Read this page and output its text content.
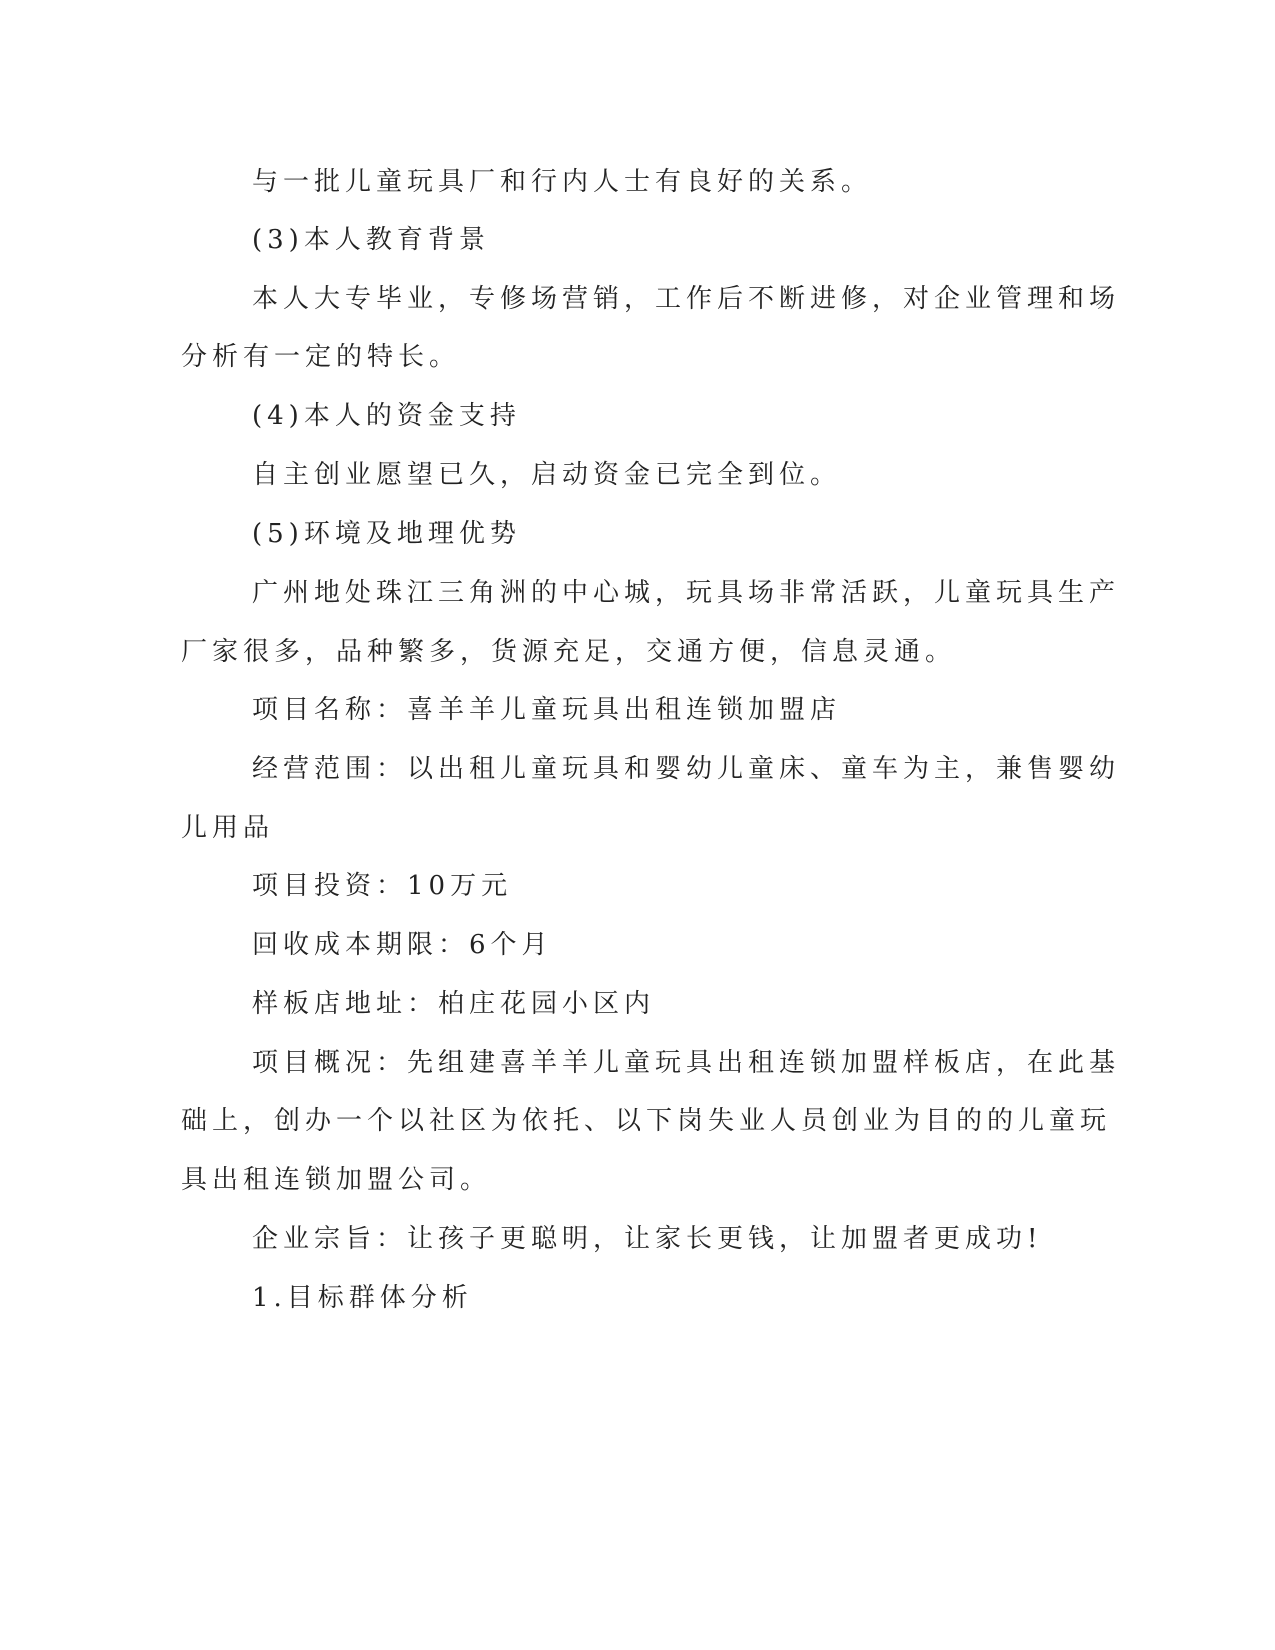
与一批儿童玩具厂和行内人士有良好的关系。
(3)本人教育背景
本人大专毕业，专修场营销，工作后不断进修，对企业管理和场
分析有一定的特长。
(4)本人的资金支持
自主创业愿望已久，启动资金已完全到位。
(5)环境及地理优势
广州地处珠江三角洲的中心城，玩具场非常活跃，儿童玩具生产
厂家很多，品种繁多，货源充足，交通方便，信息灵通。
项目名称：喜羊羊儿童玩具出租连锁加盟店
经营范围：以出租儿童玩具和婴幼儿童床、童车为主，兼售婴幼
儿用品
项目投资：10万元
回收成本期限：6个月
样板店地址：柏庄花园小区内
项目概况：先组建喜羊羊儿童玩具出租连锁加盟样板店，在此基
础上，创办一个以社区为依托、以下岗失业人员创业为目的的儿童玩
具出租连锁加盟公司。
企业宗旨：让孩子更聪明，让家长更钱，让加盟者更成功!
1.目标群体分析
